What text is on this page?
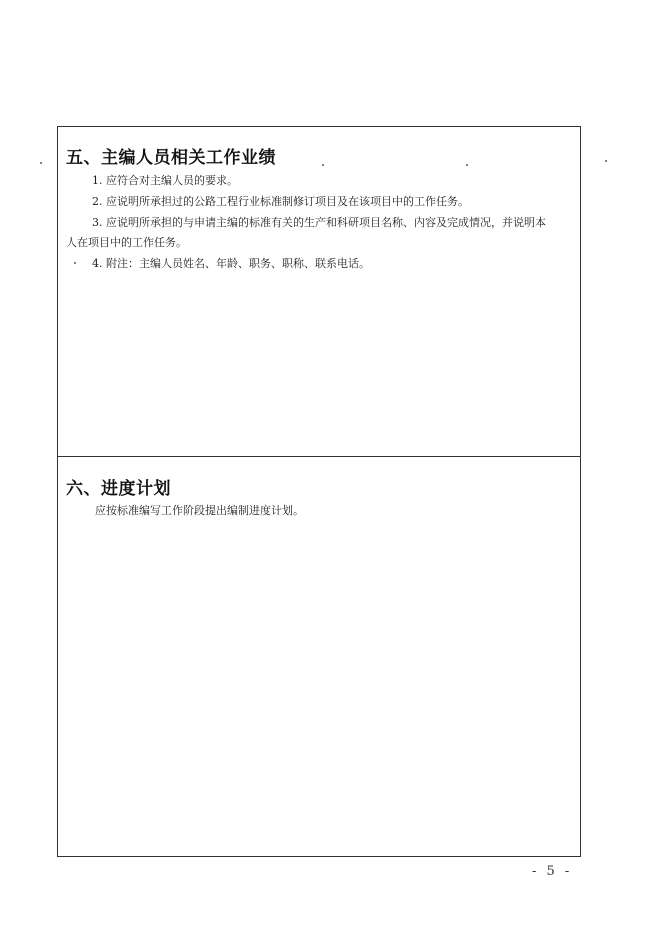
五、主编人员相关工作业绩
1. 应符合对主编人员的要求。
2. 应说明所承担过的公路工程行业标准制修订项目及在该项目中的工作任务。
3. 应说明所承担的与申请主编的标准有关的生产和科研项目名称、内容及完成情况，并说明本
人在项目中的工作任务。
4. 附注：主编人员姓名、年龄、职务、职称、联系电话。
六、进度计划
应按标准编写工作阶段提出编制进度计划。
- 5 -
